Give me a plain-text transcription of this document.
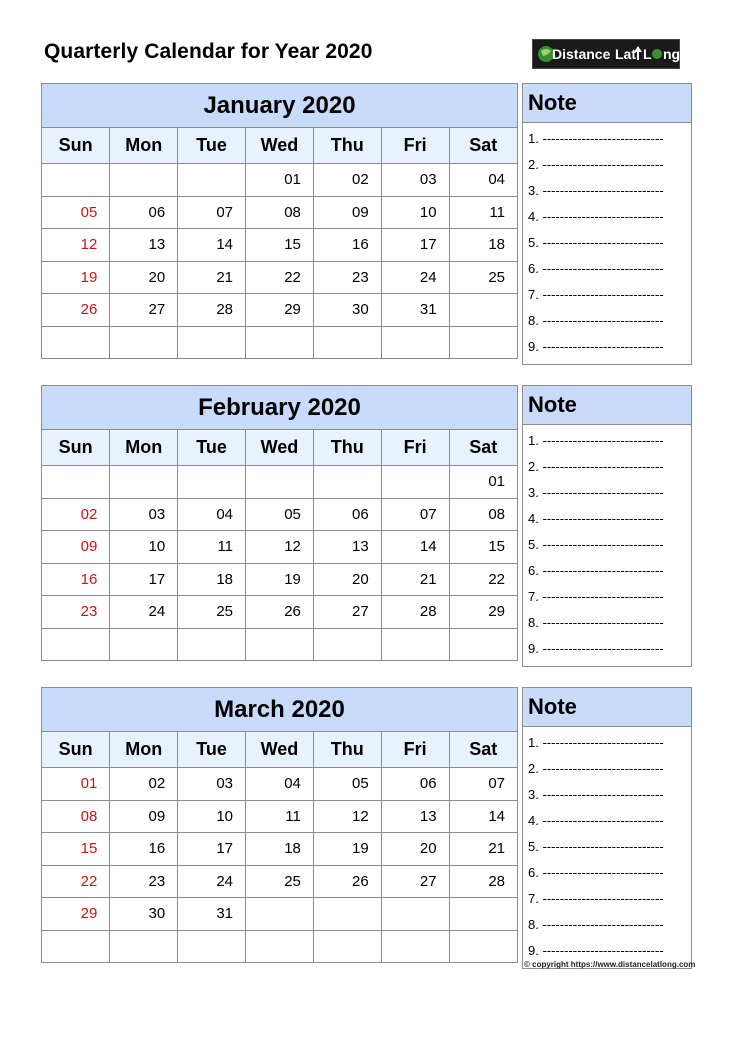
Quarterly Calendar for Year 2020	Distance Lat L ng
January 2020
Sun	Mon	Tue	Wed	Thu	Fri	Sat
			01	02	03	04
05	06	07	08	09	10	11
12	13	14	15	16	17	18
19	20	21	22	23	24	25
26	27	28	29	30	31	

Note
1. ----------------------------
2. ----------------------------
3. ----------------------------
4. ----------------------------
5. ----------------------------
6. ----------------------------
7. ----------------------------
8. ----------------------------
9. ----------------------------
February 2020
Sun	Mon	Tue	Wed	Thu	Fri	Sat
						01
02	03	04	05	06	07	08
09	10	11	12	13	14	15
16	17	18	19	20	21	22
23	24	25	26	27	28	29

Note
1. ----------------------------
2. ----------------------------
3. ----------------------------
4. ----------------------------
5. ----------------------------
6. ----------------------------
7. ----------------------------
8. ----------------------------
9. ----------------------------
March 2020
Sun	Mon	Tue	Wed	Thu	Fri	Sat
01	02	03	04	05	06	07
08	09	10	11	12	13	14
15	16	17	18	19	20	21
22	23	24	25	26	27	28
29	30	31				

Note
1. ----------------------------
2. ----------------------------
3. ----------------------------
4. ----------------------------
5. ----------------------------
6. ----------------------------
7. ----------------------------
8. ----------------------------
9. ----------------------------
© copyright https://www.distancelatlong.com
